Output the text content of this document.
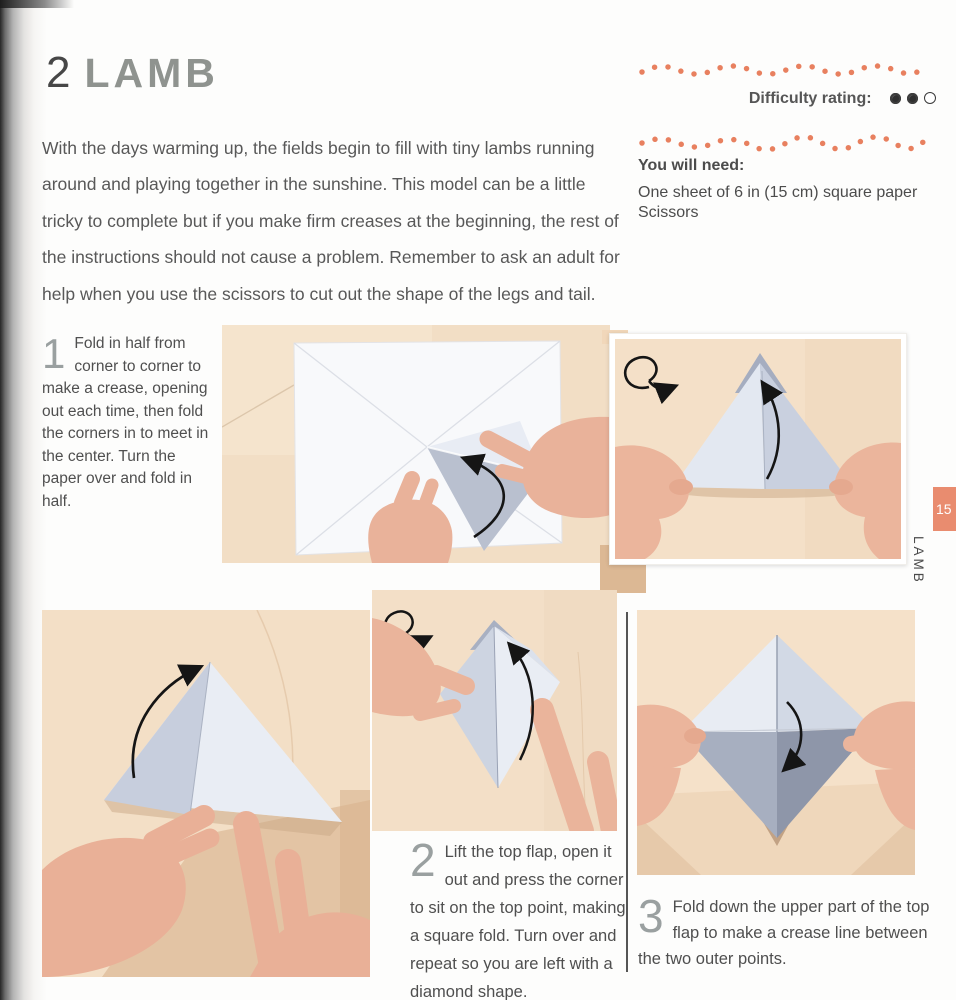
2 LAMB

With the days warming up, the fields begin to fill with tiny lambs running around and playing together in the sunshine. This model can be a little tricky to complete but if you make firm creases at the beginning, the rest of the instructions should not cause a problem. Remember to ask an adult for help when you use the scissors to cut out the shape of the legs and tail.

Difficulty rating:
You will need:
One sheet of 6 in (15 cm) square paper
Scissors
1 Fold in half from corner to corner to make a crease, opening out each time, then fold the corners in to meet in the center. Turn the paper over and fold in half.
2 Lift the top flap, open it out and press the corner to sit on the top point, making a square fold. Turn over and repeat so you are left with a diamond shape.
3 Fold down the upper part of the top flap to make a crease line between the two outer points.
15
LAMB
